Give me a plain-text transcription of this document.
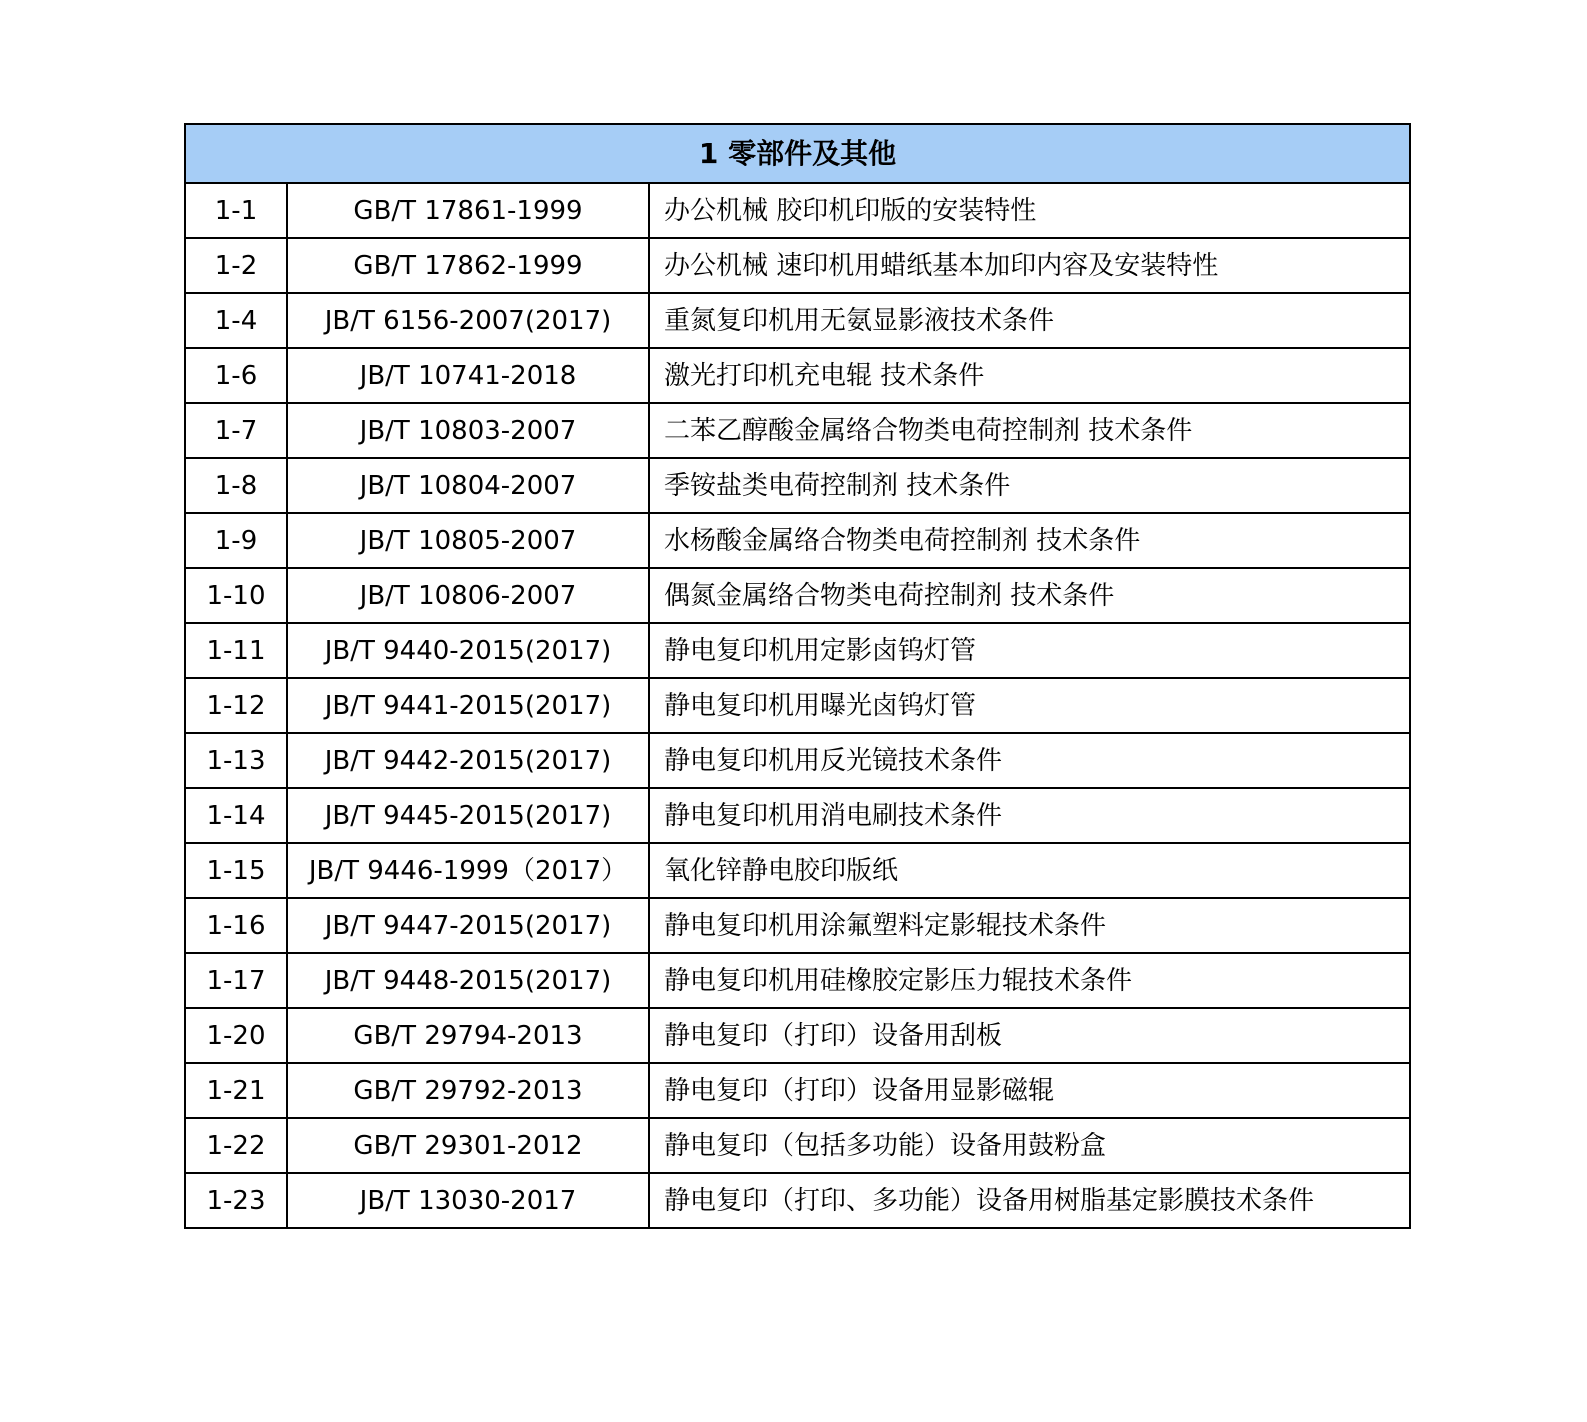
1 零部件及其他		
1-1	GB/T 17861-1999	办公机械 胶印机印版的安装特性
1-2	GB/T 17862-1999	办公机械 速印机用蜡纸基本加印内容及安装特性
1-4	JB/T 6156-2007(2017)	重氮复印机用无氨显影液技术条件
1-6	JB/T 10741-2018	激光打印机充电辊 技术条件
1-7	JB/T 10803-2007	二苯乙醇酸金属络合物类电荷控制剂 技术条件
1-8	JB/T 10804-2007	季铵盐类电荷控制剂 技术条件
1-9	JB/T 10805-2007	水杨酸金属络合物类电荷控制剂 技术条件
1-10	JB/T 10806-2007	偶氮金属络合物类电荷控制剂 技术条件
1-11	JB/T 9440-2015(2017)	静电复印机用定影卤钨灯管
1-12	JB/T 9441-2015(2017)	静电复印机用曝光卤钨灯管
1-13	JB/T 9442-2015(2017)	静电复印机用反光镜技术条件
1-14	JB/T 9445-2015(2017)	静电复印机用消电刷技术条件
1-15	JB/T 9446-1999（2017）	氧化锌静电胶印版纸
1-16	JB/T 9447-2015(2017)	静电复印机用涂氟塑料定影辊技术条件
1-17	JB/T 9448-2015(2017)	静电复印机用硅橡胶定影压力辊技术条件
1-20	GB/T 29794-2013	静电复印（打印）设备用刮板
1-21	GB/T 29792-2013	静电复印（打印）设备用显影磁辊
1-22	GB/T 29301-2012	静电复印（包括多功能）设备用鼓粉盒
1-23	JB/T 13030-2017	静电复印（打印、多功能）设备用树脂基定影膜技术条件
